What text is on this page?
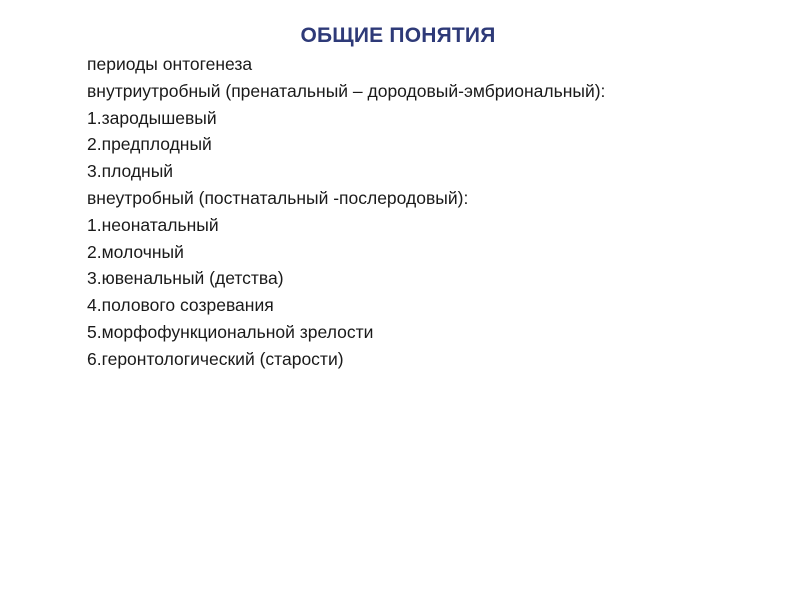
ОБЩИЕ ПОНЯТИЯ
периоды онтогенеза
внутриутробный (пренатальный – дородовый-эмбриональный):
1.зародышевый
2.предплодный
3.плодный
внеутробный (постнатальный -послеродовый):
1.неонатальный
2.молочный
3.ювенальный (детства)
4.полового созревания
5.морфофункциональной зрелости
6.геронтологический (старости)
